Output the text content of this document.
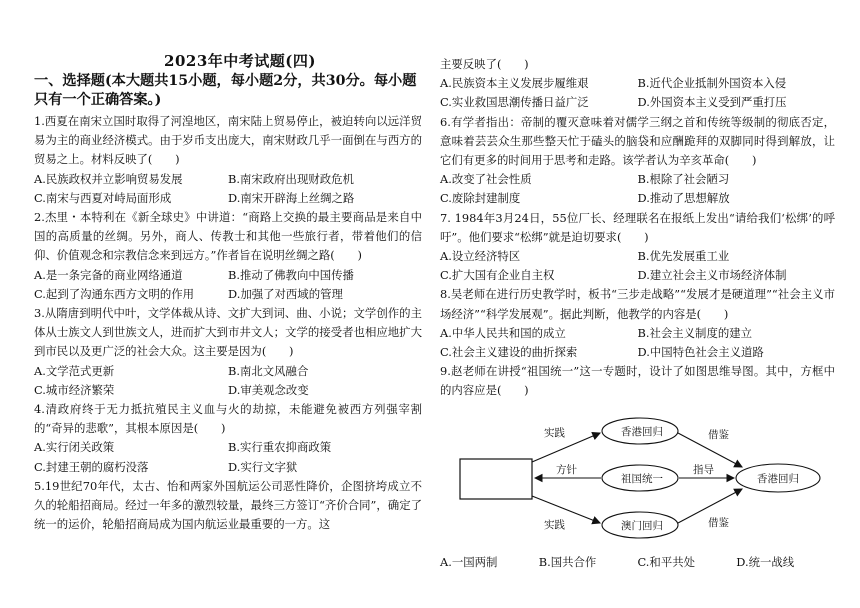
2023年中考试题(四)
一、选择题(本大题共15小题，每小题2分，共30分。每小题只有一个正确答案。)

1.西夏在南宋立国时取得了河湟地区，南宋陆上贸易停止，被迫转向以远洋贸易为主的商业经济模式。由于岁币支出庞大，南宋财政几乎一面倒在与西方的贸易之上。材料反映了(　　)

A.民族政权并立影响贸易发展	B.南宋政府出现财政危机
C.南宋与西夏对峙局面形成	D.南宋开辟海上丝绸之路

2.杰里・本特利在《新全球史》中讲道：“商路上交换的最主要商品是来自中国的高质量的丝绸。另外，商人、传教士和其他一些旅行者，带着他们的信仰、价值观念和宗教信念来到远方。”作者旨在说明丝绸之路(　　)

A.是一条完备的商业网络通道	B.推动了佛教向中国传播
C.起到了沟通东西方文明的作用	D.加强了对西域的管理

3.从隋唐到明代中叶，文学体裁从诗、文扩大到词、曲、小说；文学创作的主体从士族文人到世族文人，进而扩大到市井文人；文学的接受者也相应地扩大到市民以及更广泛的社会大众。这主要是因为(　　)

A.文学范式更新	B.南北文风融合
C.城市经济繁荣	D.审美观念改变

4.清政府终于无力抵抗殖民主义血与火的劫掠，未能避免被西方列强宰割的“奇异的悲歌”，其根本原因是(　　)

A.实行闭关政策	B.实行重农抑商政策
C.封建王朝的腐朽没落	D.实行文字狱

5.19世纪70年代，太古、怡和两家外国航运公司恶性降价，企图挤垮成立不久的轮船招商局。经过一年多的激烈较量，最终三方签订“齐价合同”，确定了统一的运价，轮船招商局成为国内航运业最重要的一方。这

主要反映了(　　)

A.民族资本主义发展步履维艰	B.近代企业抵制外国资本入侵
C.实业救国思潮传播日益广泛	D.外国资本主义受到严重打压

6.有学者指出：帝制的覆灭意味着对儒学三纲之首和传统等级制的彻底否定，意味着芸芸众生那些整天忙于磕头的脑袋和应酬跪拜的双脚同时得到解放，让它们有更多的时间用于思考和走路。该学者认为辛亥革命(　　)

A.改变了社会性质	B.根除了社会陋习
C.废除封建制度	D.推动了思想解放

7. 1984年3月24日，55位厂长、经理联名在报纸上发出“请给我们‘松绑’的呼吁”。他们要求“松绑”就是迫切要求(　　)

A.设立经济特区	B.优先发展重工业
C.扩大国有企业自主权	D.建立社会主义市场经济体制

8.吴老师在进行历史教学时，板书“三步走战略”“发展才是硬道理”“社会主义市场经济”“科学发展观”。据此判断，他教学的内容是(　　)

A.中华人民共和国的成立	B.社会主义制度的建立
C.社会主义建设的曲折探索	D.中国特色社会主义道路

9.赵老师在讲授“祖国统一”这一专题时，设计了如图思维导图。其中，方框中的内容应是(　　)

香港回归
祖国统一
澳门回归
香港回归
实践
实践
方针	指导
借鉴
借鉴
A.一国两制	B.国共合作	C.和平共处	D.统一战线
